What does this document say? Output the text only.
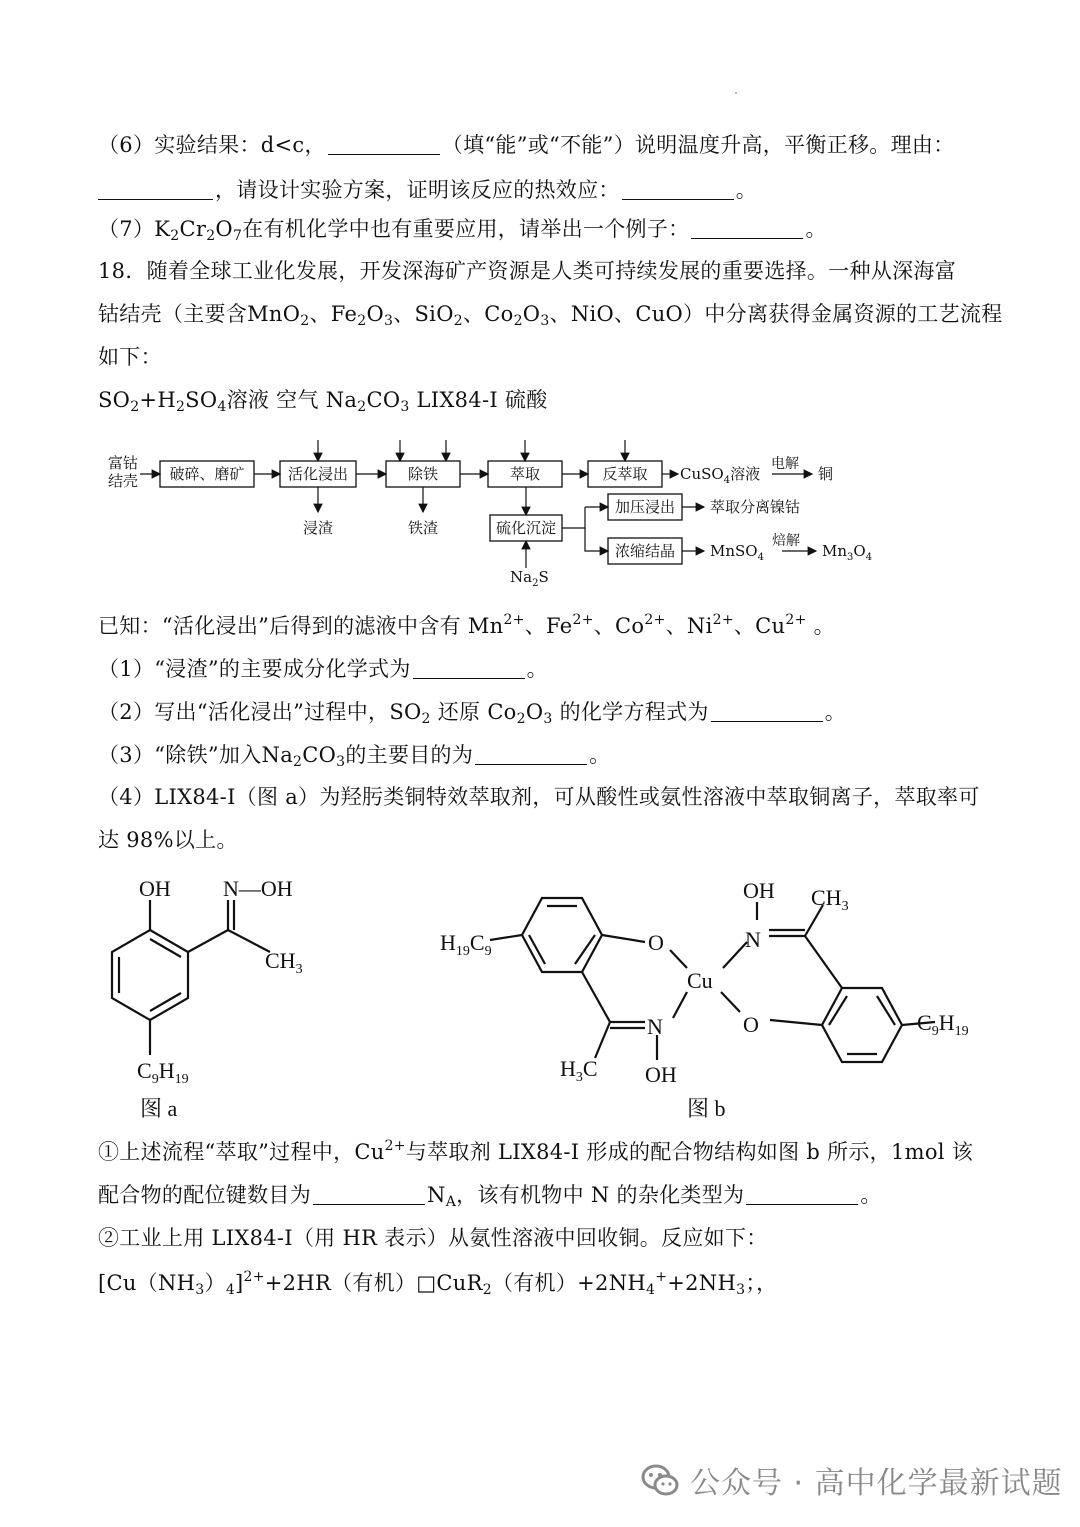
（6）实验结果：d<c，	（填“能”或“不能”）说明温度升高，平衡正移。理由：
，请设计实验方案，证明该反应的热效应：	。
$(7)K_2Cr_2O_7$在有机化学中也有重要应用，请举出一个例子：	。
18．随着全球工业化发展，开发深海矿产资源是人类可持续发展的重要选择。一种从深海富
钴结壳（主要含MnO$_2$、$Fe_2O_3$、SiO$_2$、$Co_2O_3$、NiO、CuO）中分离获得金属资源的工艺流程
如下：
$SO_2+H_2SO_4$溶液 空气 $Na_2CO_3$ LIX84-I 硫酸
富钴
结壳 破碎、磨矿	活化浸出	除铁	萃取	反萃取
硫化沉淀
加压浸出
浓缩结晶
浸渣	铁渣
CuSO$_4$溶液
电解
铜
萃取分离镍钴
MnSO$_4$
焙解
$Mn_3O_4$
$Na_2S$
已知：“活化浸出”后得到的滤液中含有 $Mn^{2+}$、$Fe^{2+}$、$Co^{2+}$、$Ni^{2+}$、$Cu^{2+}$ 。
（1）“浸渣”的主要成分化学式为	。
（2）写出“活化浸出”过程中，$SO_2$ 还原 $Co_2O_3$ 的化学方程式为	。
（3）“除铁”加入$Na_2CO_3$的主要目的为	。
（4）LIX84-I（图 a）为羟肟类铜特效萃取剂，可从酸性或氨性溶液中萃取铜离子，萃取率可
达 98%以上。
OH N—OH
$CH_3$
$C_9H_{19}$
图 a
$H_{19}C_9$	O
Cu
N
OH $CH_3$
O
N
OH
$H_3C$
$C_9H_{19}$
图 b
①上述流程“萃取”过程中，$Cu^{2+}$与萃取剂 LIX84-I 形成的配合物结构如图 b 所示，1mol 该
配合物的配位键数目为	$N_A$，该有机物中 N 的杂化类型为	。
②工业上用 LIX84-I（用 HR 表示）从氨性溶液中回收铜。反应如下：
$[Cu(NH_3)_4]^{2+}+2HR$（有机）□CuR$_2$（有机）$+2NH_4^++2NH_3$；，
公众号 · 高中化学最新试题
